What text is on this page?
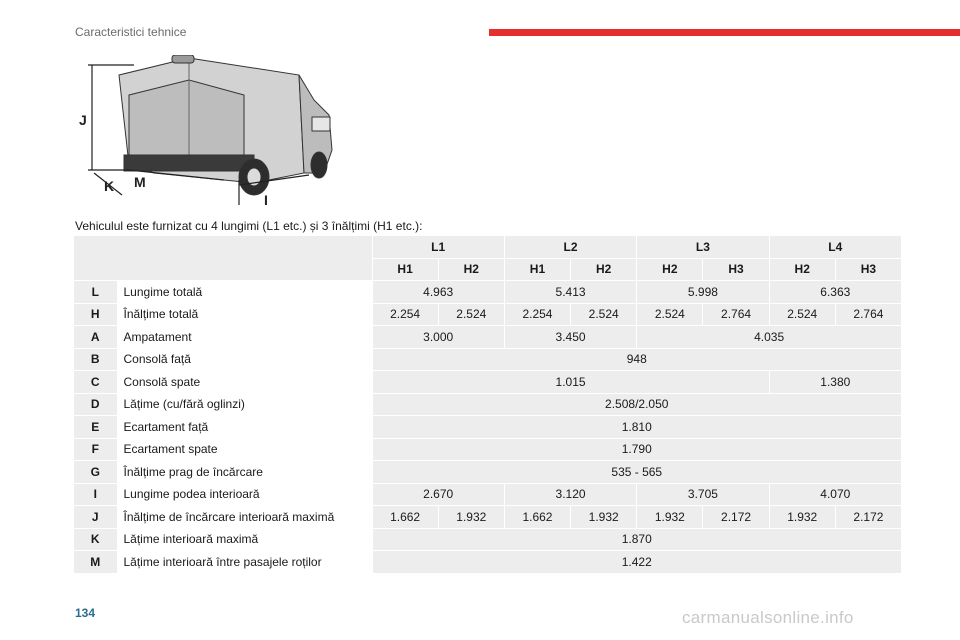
Caracteristici tehnice
J
K M
I
Vehiculul este furnizat cu 4 lungimi (L1 etc.) și 3 înălțimi (H1 etc.):
		L1		L2		L3		L4	
		H1	H2	H1	H2	H2	H3	H2	H3
L	Lungime totală	4.963		5.413		5.998		6.363	
H	Înălțime totală	2.254	2.524	2.254	2.524	2.524	2.764	2.524	2.764
A	Ampatament	3.000		3.450		4.035			
B	Consolă față	948							
C	Consolă spate	1.015						1.380	
D	Lățime (cu/fără oglinzi)	2.508/2.050							
E	Ecartament față	1.810							
F	Ecartament spate	1.790							
G	Înălțime prag de încărcare	535 - 565							
I	Lungime podea interioară	2.670		3.120		3.705		4.070	
J	Înălțime de încărcare interioară maximă	1.662	1.932	1.662	1.932	1.932	2.172	1.932	2.172
K	Lățime interioară maximă	1.870							
M	Lățime interioară între pasajele roților	1.422							
134	carmanualsonline.info
